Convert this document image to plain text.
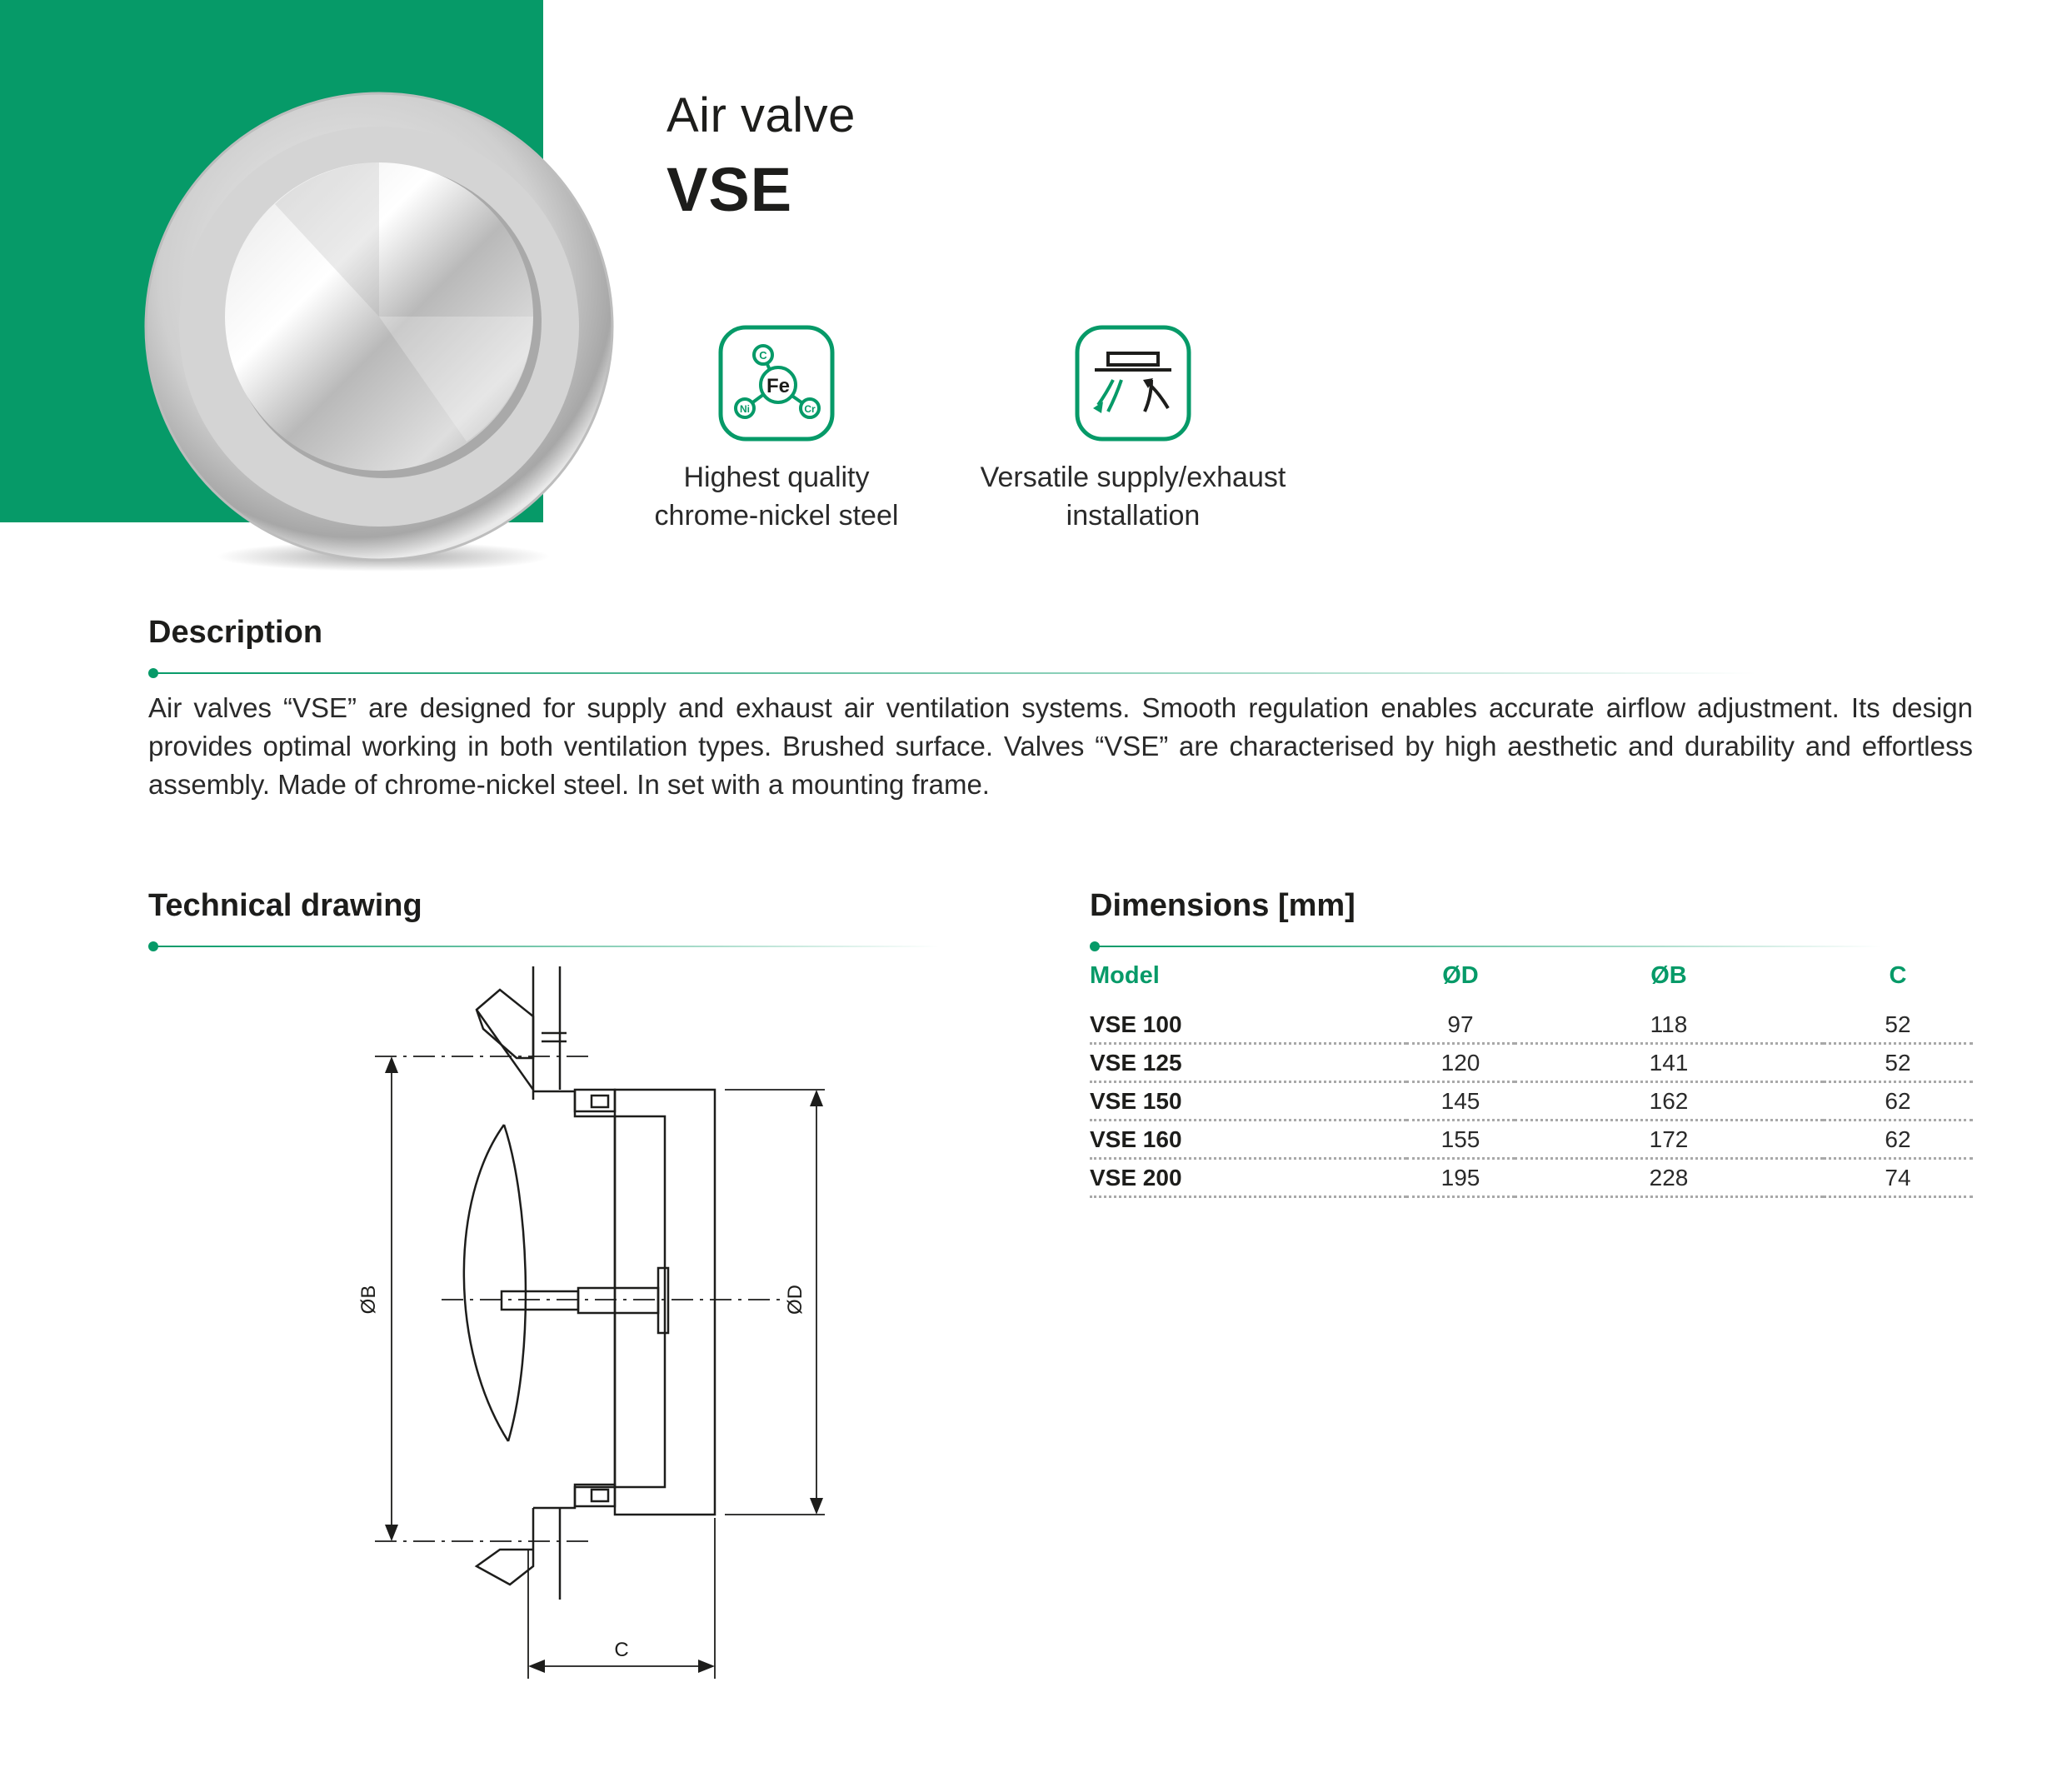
Air valve
VSE
Fe
C
Ni	Cr
Highest quality
chrome-nickel steel
Versatile supply/exhaust
installation
Description
Air valves “VSE” are designed for supply and exhaust air ventilation systems. Smooth regulation enables accurate airflow adjustment. Its design provides optimal working in both ventilation types. Brushed surface. Valves “VSE” are characterised by high aesthetic and durability and effortless assembly. Made of chrome-nickel steel. In set with a mounting frame.
Technical drawing
ØB	ØD
C
Dimensions [mm]
Model	ØD	ØB	C
VSE 100	97	118	52
VSE 125	120	141	52
VSE 150	145	162	62
VSE 160	155	172	62
VSE 200	195	228	74
